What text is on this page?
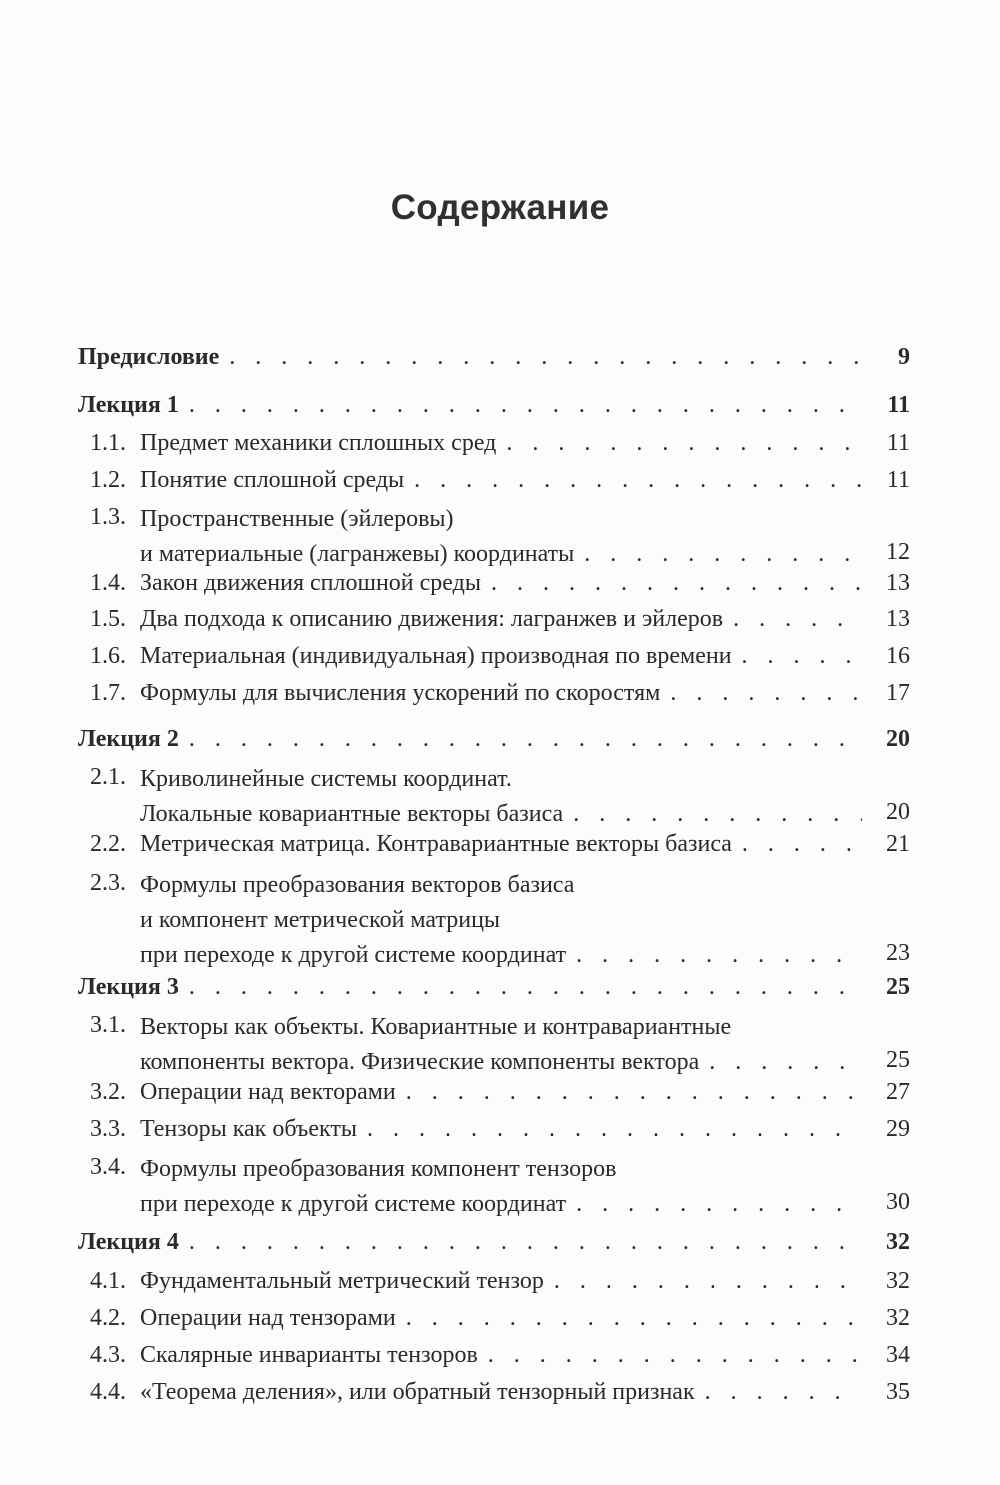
Содержание
Предисловие . . .	9
Лекция 1 . . .	11
1.1. Предмет механики сплошных сред . . .	11
1.2. Понятие сплошной среды . . .	11
1.3. Пространственные (эйлеровы)
и материальные (лагранжевы) координаты . . .	12
1.4. Закон движения сплошной среды . . .	13
1.5. Два подхода к описанию движения: лагранжев и эйлеров . . .	13
1.6. Материальная (индивидуальная) производная по времени . . .	16
1.7. Формулы для вычисления ускорений по скоростям . . .	17
Лекция 2 . . .	20
2.1. Криволинейные системы координат.
Локальные ковариантные векторы базиса . . .	20
2.2. Метрическая матрица. Контравариантные векторы базиса . . .	21
2.3. Формулы преобразования векторов базиса
и компонент метрической матрицы
при переходе к другой системе координат . . .	23
Лекция 3 . . .	25
3.1. Векторы как объекты. Ковариантные и контравариантные
компоненты вектора. Физические компоненты вектора . . .	25
3.2. Операции над векторами . . .	27
3.3. Тензоры как объекты . . .	29
3.4. Формулы преобразования компонент тензоров
при переходе к другой системе координат . . .	30
Лекция 4 . . .	32
4.1. Фундаментальный метрический тензор . . .	32
4.2. Операции над тензорами . . .	32
4.3. Скалярные инварианты тензоров . . .	34
4.4. «Теорема деления», или обратный тензорный признак . . .	35
